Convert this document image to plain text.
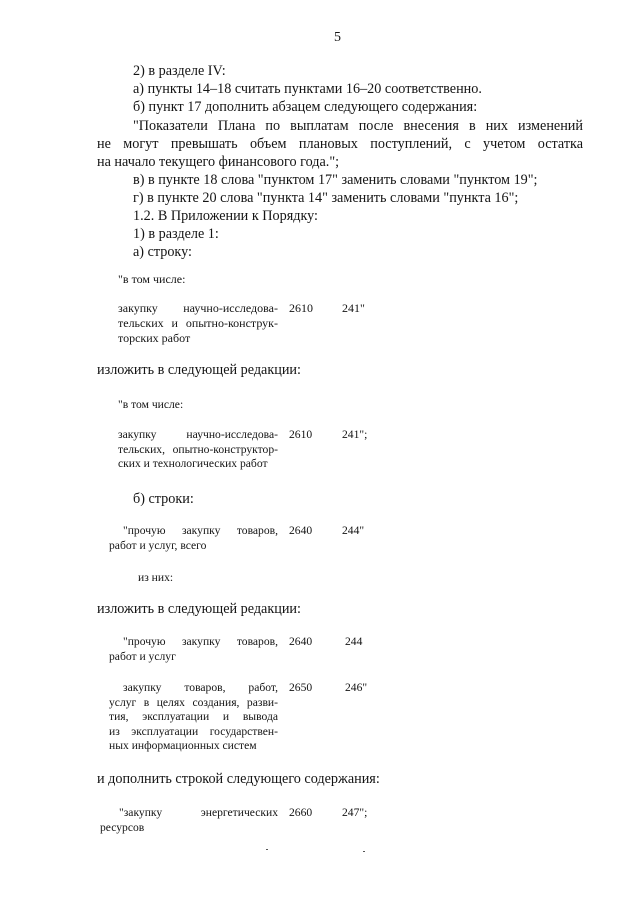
5
2) в разделе IV:
а) пункты 14–18 считать пунктами 16–20 соответственно.
б) пункт 17 дополнить абзацем следующего содержания:
"Показатели Плана по выплатам после внесения в них изменений
не могут превышать объем плановых поступлений, с учетом остатка
на начало текущего финансового года.";
в) в пункте 18 слова "пунктом 17" заменить словами "пунктом 19";
г) в пункте 20 слова "пункта 14" заменить словами "пункта 16";
1.2. В Приложении к Порядку:
1) в разделе 1:
а) строку:
"в том числе:
закупку научно-исследова-
тельских и опытно-конструк-
торских работ
2610 241"
изложить в следующей редакции:
"в том числе:
закупку научно-исследова-
тельских, опытно-конструктор-
ских и технологических работ
2610	241";
б) строки:
"прочую закупку товаров,
работ и услуг, всего
2640	244"
из них:
изложить в следующей редакции:
"прочую закупку товаров,
работ и услуг
2640	244
закупку товаров, работ,
услуг в целях создания, разви-
тия, эксплуатации и вывода
из эксплуатации государствен-
ных информационных систем
2650	246"
и дополнить строкой следующего содержания:
"закупку энергетических
ресурсов
2660	247";
